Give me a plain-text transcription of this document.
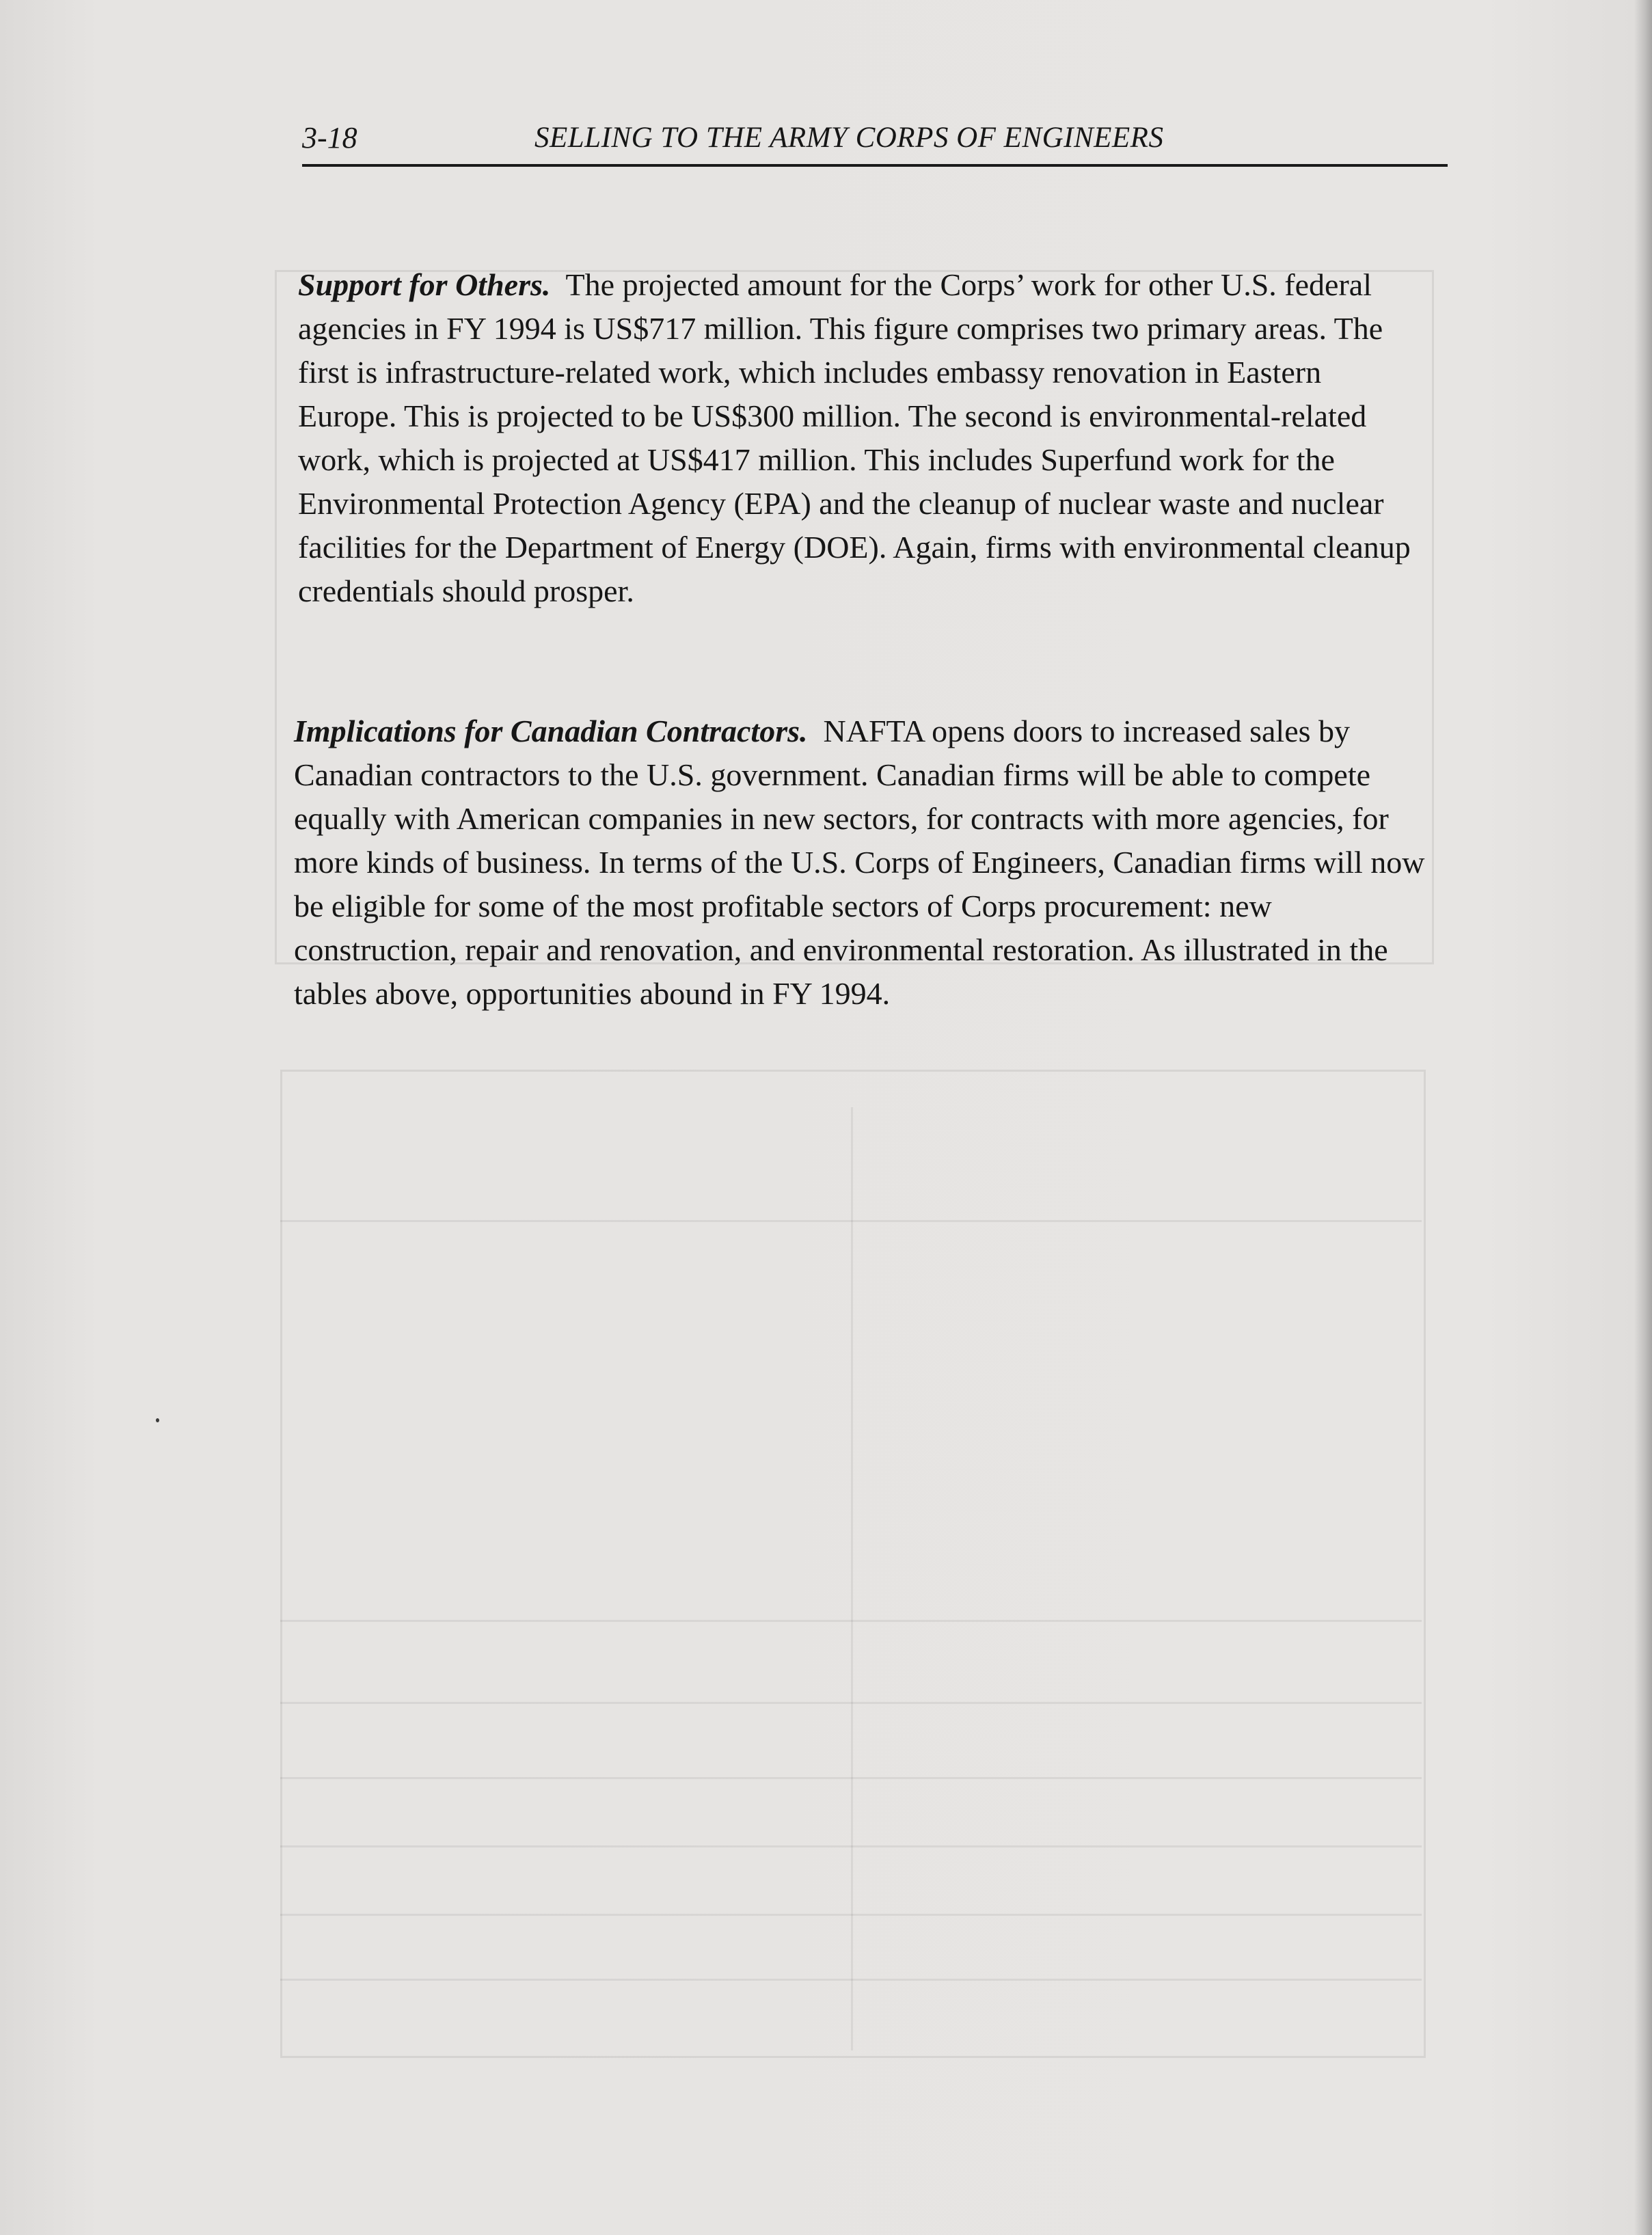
3-18	SELLING TO THE ARMY CORPS OF ENGINEERS

Support for Others. The projected amount for the Corps’ work for other U.S. federal agencies in FY 1994 is US$717 million. This figure comprises two primary areas. The first is infrastructure-related work, which includes embassy renovation in Eastern Europe. This is projected to be US$300 million. The second is environmental-related work, which is projected at US$417 million. This includes Superfund work for the Environmental Protection Agency (EPA) and the cleanup of nuclear waste and nuclear facilities for the Department of Energy (DOE). Again, firms with environmental cleanup credentials should prosper.

Implications for Canadian Contractors. NAFTA opens doors to increased sales by Canadian contractors to the U.S. government. Canadian firms will be able to compete equally with American companies in new sectors, for contracts with more agencies, for more kinds of business. In terms of the U.S. Corps of Engineers, Canadian firms will now be eligible for some of the most profitable sectors of Corps procurement: new construction, repair and renovation, and environmental restoration. As illustrated in the tables above, opportunities abound in FY 1994.
